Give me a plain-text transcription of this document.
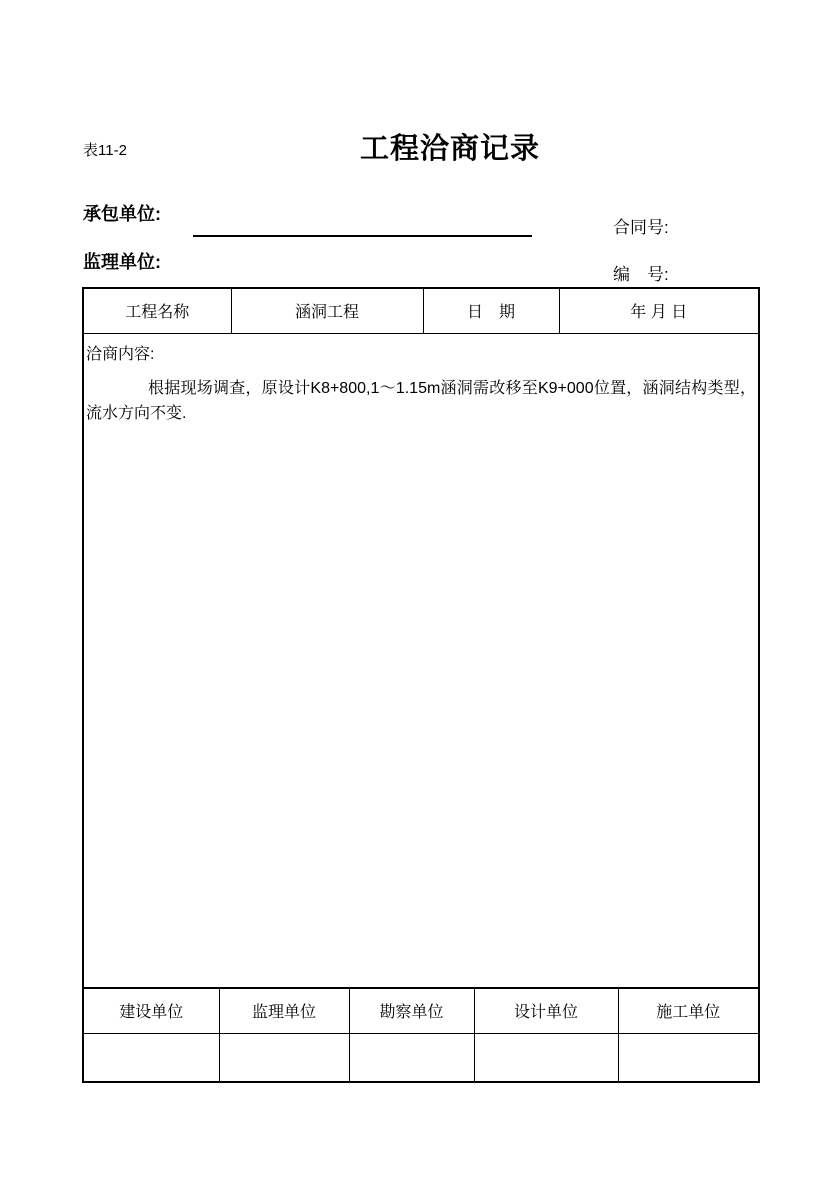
表11-2	工程洽商记录
承包单位:
合同号:
监理单位:
编　号:
工程名称	涵洞工程	日　期	年 月 日

洽商内容:

根据现场调查，原设计K8+800,1～1.15m涵洞需改移至K9+000位置，涵洞结构类型，流水方向不变.

建设单位	监理单位	勘察单位	设计单位	施工单位
